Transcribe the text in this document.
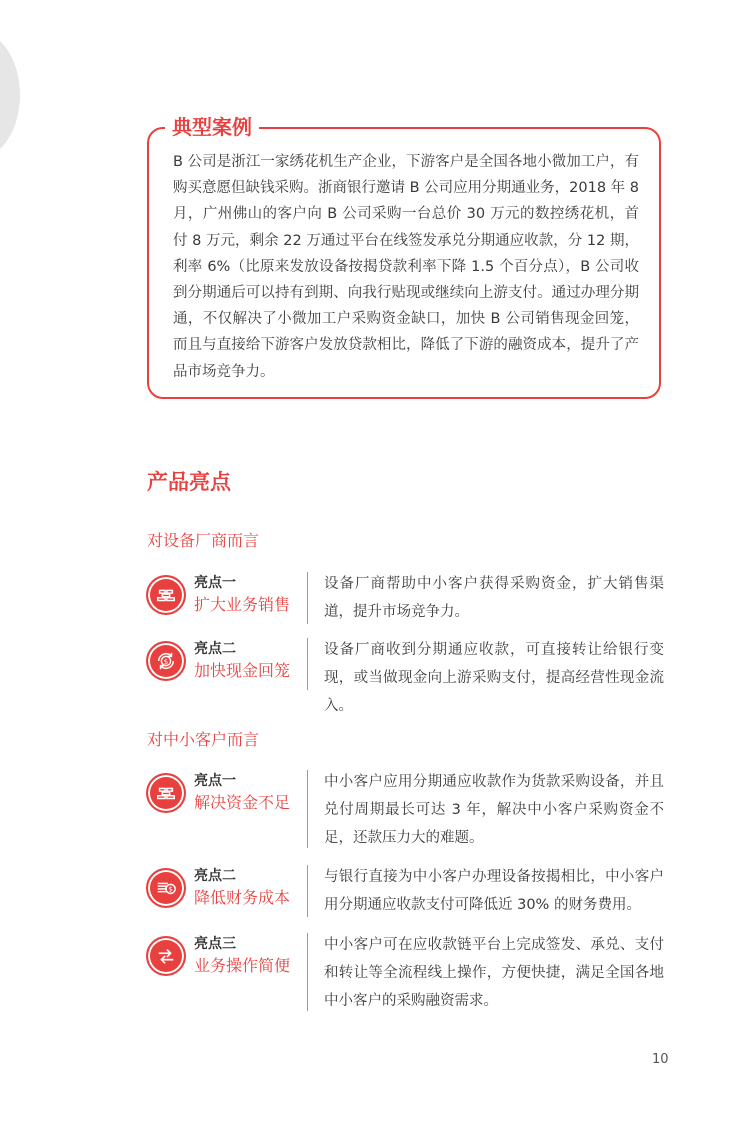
典型案例

B 公司是浙江一家绣花机生产企业，下游客户是全国各地小微加工户，有购买意愿但缺钱采购。浙商银行邀请 B 公司应用分期通业务，2018 年 8 月，广州佛山的客户向 B 公司采购一台总价 30 万元的数控绣花机，首付 8 万元，剩余 22 万通过平台在线签发承兑分期通应收款，分 12 期，利率 6%（比原来发放设备按揭贷款利率下降 1.5 个百分点），B 公司收到分期通后可以持有到期、向我行贴现或继续向上游支付。通过办理分期通，不仅解决了小微加工户采购资金缺口，加快 B 公司销售现金回笼，而且与直接给下游客户发放贷款相比，降低了下游的融资成本，提升了产品市场竞争力。

产品亮点
对设备厂商而言
亮点一
扩大业务销售

设备厂商帮助中小客户获得采购资金，扩大销售渠道，提升市场竞争力。

$
亮点二
加快现金回笼

设备厂商收到分期通应收款，可直接转让给银行变现，或当做现金向上游采购支付，提高经营性现金流入。

对中小客户而言
亮点一
解决资金不足

中小客户应用分期通应收款作为货款采购设备，并且兑付周期最长可达 3 年，解决中小客户采购资金不足，还款压力大的难题。

$
亮点二
降低财务成本

与银行直接为中小客户办理设备按揭相比，中小客户用分期通应收款支付可降低近 30% 的财务费用。

亮点三
业务操作简便

中小客户可在应收款链平台上完成签发、承兑、支付和转让等全流程线上操作，方便快捷，满足全国各地中小客户的采购融资需求。

10
